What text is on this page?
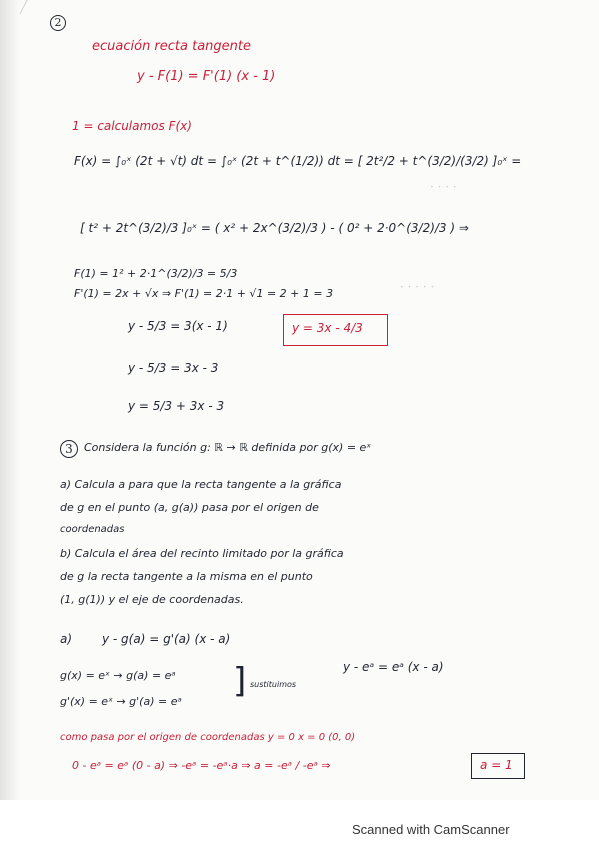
╱
2
ecuación recta tangente
y - F(1) = F'(1) (x - 1)
1 = calculamos F(x)
F(x) = ∫₀ˣ (2t + √t) dt = ∫₀ˣ (2t + t^(1/2)) dt = [ 2t²/2 + t^(3/2)/(3/2) ]₀ˣ =
[ t² + 2t^(3/2)/3 ]₀ˣ = ( x² + 2x^(3/2)/3 ) - ( 0² + 2·0^(3/2)/3 ) ⇒
F(1) = 1² + 2·1^(3/2)/3 = 5/3
F'(1) = 2x + √x ⇒ F'(1) = 2·1 + √1 = 2 + 1 = 3
y - 5/3 = 3(x - 1)
y - 5/3 = 3x - 3
y = 5/3 + 3x - 3
y = 3x - 4/3
· · · · ·
· · · ·
3	Considera la función g: ℝ → ℝ definida por g(x) = eˣ
a) Calcula a para que la recta tangente a la gráfica
de g en el punto (a, g(a)) pasa por el origen de
coordenadas
b) Calcula el área del recinto limitado por la gráfica
de g la recta tangente a la misma en el punto
(1, g(1)) y el eje de coordenadas.
a) y - g(a) = g'(a) (x - a)
g(x) = eˣ → g(a) = eᵃ
g'(x) = eˣ → g'(a) = eᵃ
] sustituimos
y - eᵃ = eᵃ (x - a)
como pasa por el origen de coordenadas y = 0 x = 0 (0, 0)
0 - eᵃ = eᵃ (0 - a) ⇒ -eᵃ = -eᵃ·a ⇒ a = -eᵃ / -eᵃ ⇒	a = 1
Scanned with CamScanner
